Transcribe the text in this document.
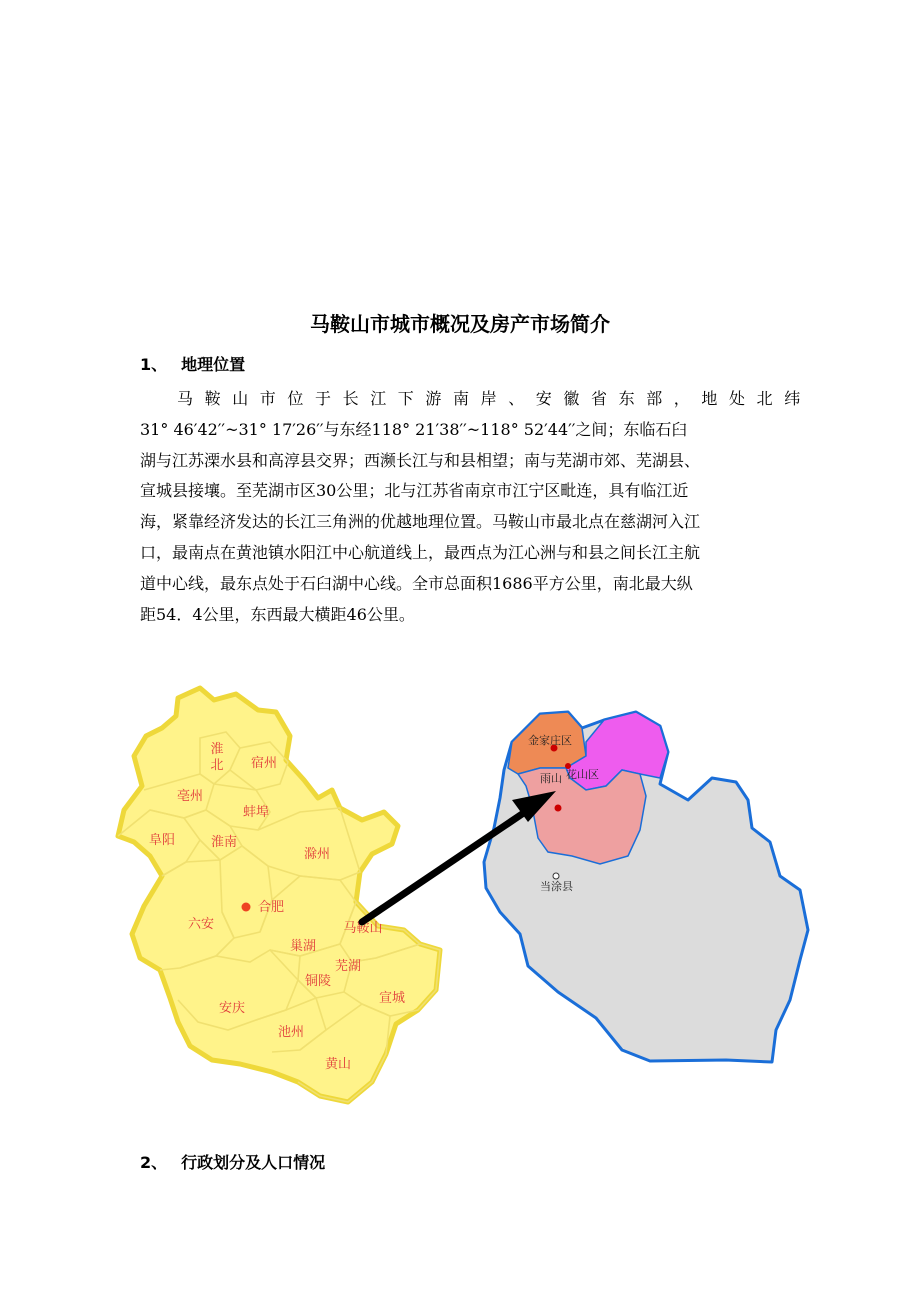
马鞍山市城市概况及房产市场简介
1、 地理位置
马鞍山市位于长江下游南岸、安徽省东部，地处北纬
31° 46′42′′~31° 17′26′′与东经118° 21′38′′~118° 52′44′′之间；东临石臼
湖与江苏溧水县和高淳县交界；西濒长江与和县相望；南与芜湖市郊、芜湖县、
宣城县接壤。至芜湖市区30公里；北与江苏省南京市江宁区毗连，具有临江近
海，紧靠经济发达的长江三角洲的优越地理位置。马鞍山市最北点在慈湖河入江
口，最南点在黄池镇水阳江中心航道线上，最西点为江心洲与和县之间长江主航
道中心线，最东点处于石臼湖中心线。全市总面积1686平方公里，南北最大纵
距54．4公里，东西最大横距46公里。
淮北 宿州
亳州
蚌埠
阜阳	淮南
滁州
合肥
六安	马鞍山
巢湖
芜湖
铜陵
宣城
安庆
池州
黄山
金家庄区
花山区
雨山
当涂县
2、 行政划分及人口情况
